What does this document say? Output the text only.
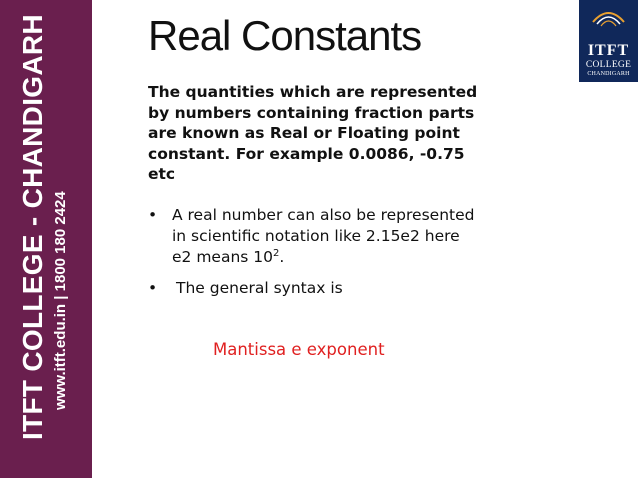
ITFT COLLEGE - CHANDIGARH www.itft.edu.in | 1800 180 2424
Real Constants
The quantities which are represented by numbers containing fraction parts are known as Real or Floating point constant. For example 0.0086, -0.75 etc
• A real number can also be represented in scientific notation like 2.15e2 here e2 means $10^2$.
• The general syntax is
Mantissa e exponent
ITFT
COLLEGE
CHANDIGARH
